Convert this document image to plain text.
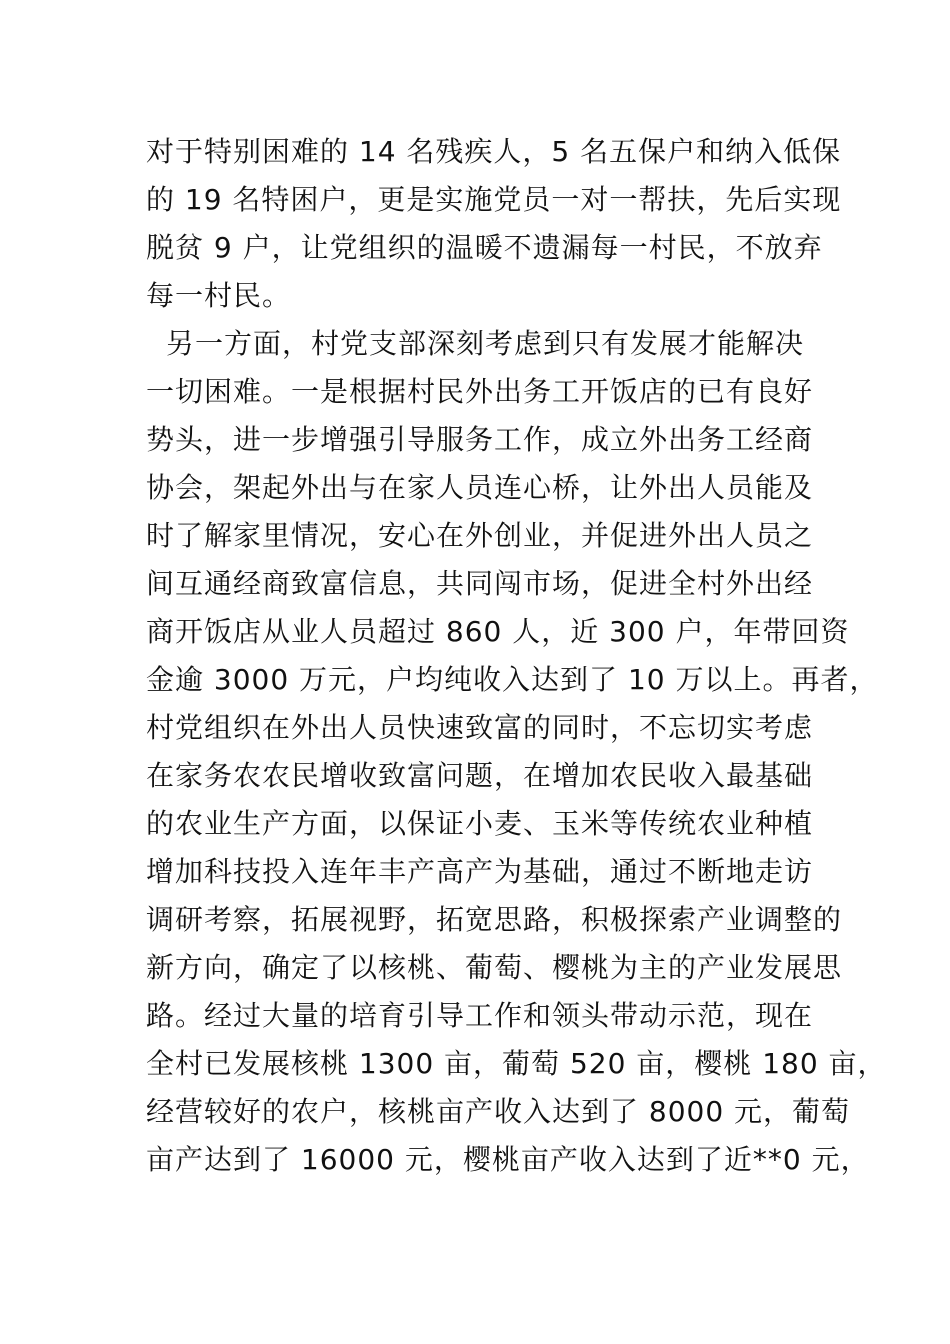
对于特别困难的 14 名残疾人，5 名五保户和纳入低保
的 19 名特困户，更是实施党员一对一帮扶，先后实现
脱贫 9 户，让党组织的温暖不遗漏每一村民，不放弃
每一村民。

另一方面，村党支部深刻考虑到只有发展才能解决
一切困难。一是根据村民外出务工开饭店的已有良好
势头，进一步增强引导服务工作，成立外出务工经商
协会，架起外出与在家人员连心桥，让外出人员能及
时了解家里情况，安心在外创业，并促进外出人员之
间互通经商致富信息，共同闯市场，促进全村外出经
商开饭店从业人员超过 860 人，近 300 户，年带回资
金逾 3000 万元，户均纯收入达到了 10 万以上。再者，
村党组织在外出人员快速致富的同时，不忘切实考虑
在家务农农民增收致富问题，在增加农民收入最基础
的农业生产方面，以保证小麦、玉米等传统农业种植
增加科技投入连年丰产高产为基础，通过不断地走访
调研考察，拓展视野，拓宽思路，积极探索产业调整的
新方向，确定了以核桃、葡萄、樱桃为主的产业发展思
路。经过大量的培育引导工作和领头带动示范，现在
全村已发展核桃 1300 亩，葡萄 520 亩，樱桃 180 亩，
经营较好的农户，核桃亩产收入达到了 8000 元，葡萄
亩产达到了 16000 元，樱桃亩产收入达到了近**0 元，
